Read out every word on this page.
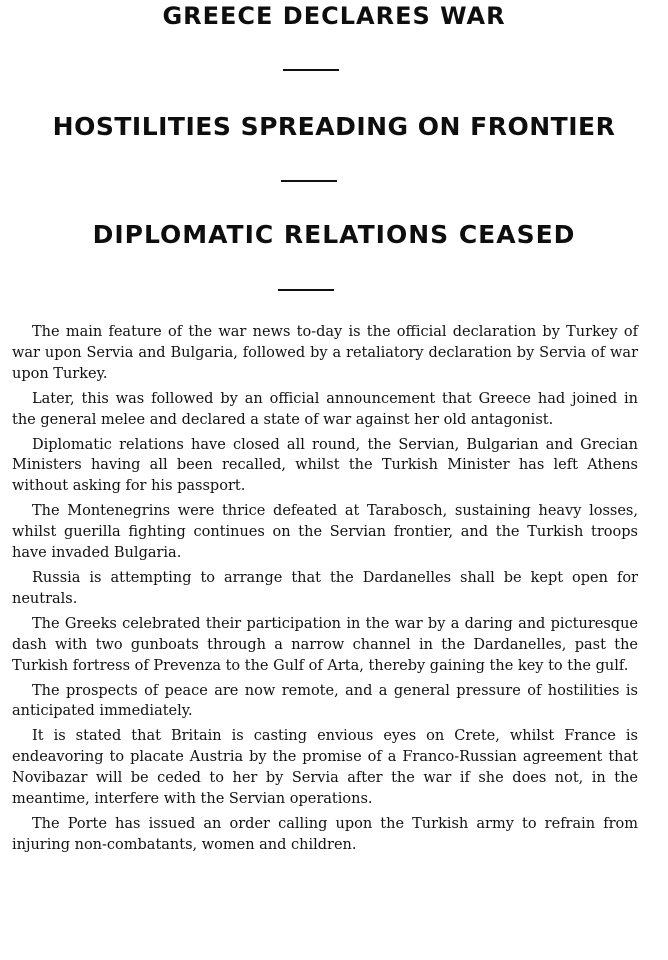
GREECE DECLARES WAR
HOSTILITIES SPREADING ON FRONTIER
DIPLOMATIC RELATIONS CEASED

The main feature of the war news to-day is the official declaration by Turkey of war upon Servia and Bulgaria, followed by a retaliatory declaration by Servia of war upon Turkey.

Later, this was followed by an official announcement that Greece had joined in the general melee and declared a state of war against her old antagonist.

Diplomatic relations have closed all round, the Servian, Bulgarian and Grecian Ministers having all been recalled, whilst the Turkish Minister has left Athens without asking for his passport.

The Montenegrins were thrice defeated at Tarabosch, sustaining heavy losses, whilst guerilla fighting continues on the Servian frontier, and the Turkish troops have invaded Bulgaria.

Russia is attempting to arrange that the Dardanelles shall be kept open for neutrals.

The Greeks celebrated their participation in the war by a daring and picturesque dash with two gunboats through a narrow channel in the Dardanelles, past the Turkish fortress of Prevenza to the Gulf of Arta, thereby gaining the key to the gulf.

The prospects of peace are now remote, and a general pressure of hostilities is anticipated immediately.

It is stated that Britain is casting envious eyes on Crete, whilst France is endeavoring to placate Austria by the promise of a Franco-Russian agreement that Novibazar will be ceded to her by Servia after the war if she does not, in the meantime, interfere with the Servian operations.

The Porte has issued an order calling upon the Turkish army to refrain from injuring non-combatants, women and children.
